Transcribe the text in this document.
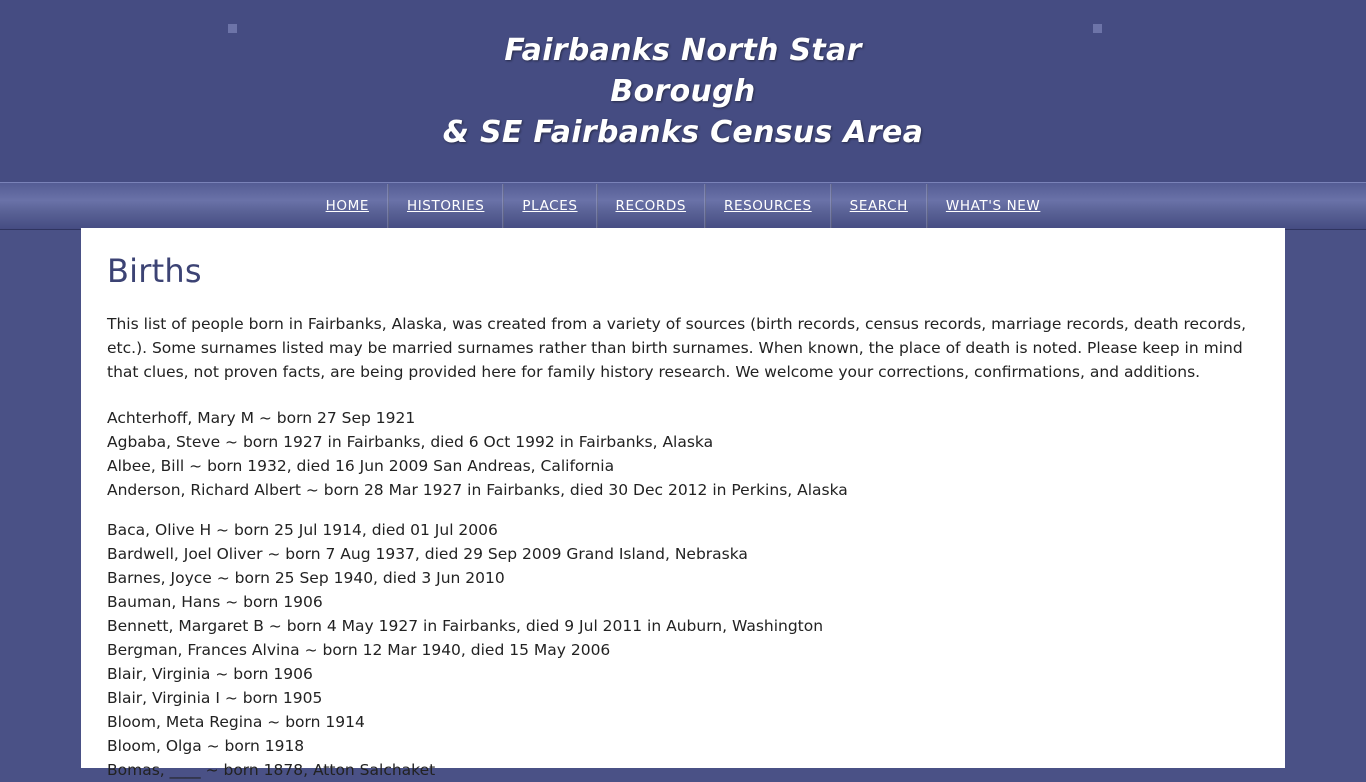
Fairbanks North Star
Borough
& SE Fairbanks Census Area
HOME	HISTORIES	PLACES	RECORDS	RESOURCES	SEARCH	WHAT'S NEW
Births

This list of people born in Fairbanks, Alaska, was created from a variety of sources (birth records, census records, marriage records, death records, etc.). Some surnames listed may be married surnames rather than birth surnames. When known, the place of death is noted. Please keep in mind that clues, not proven facts, are being provided here for family history research. We welcome your corrections, confirmations, and additions.

Achterhoff, Mary M ~ born 27 Sep 1921
Agbaba, Steve ~ born 1927 in Fairbanks, died 6 Oct 1992 in Fairbanks, Alaska
Albee, Bill ~ born 1932, died 16 Jun 2009 San Andreas, California
Anderson, Richard Albert ~ born 28 Mar 1927 in Fairbanks, died 30 Dec 2012 in Perkins, Alaska
Baca, Olive H ~ born 25 Jul 1914, died 01 Jul 2006
Bardwell, Joel Oliver ~ born 7 Aug 1937, died 29 Sep 2009 Grand Island, Nebraska
Barnes, Joyce ~ born 25 Sep 1940, died 3 Jun 2010
Bauman, Hans ~ born 1906
Bennett, Margaret B ~ born 4 May 1927 in Fairbanks, died 9 Jul 2011 in Auburn, Washington
Bergman, Frances Alvina ~ born 12 Mar 1940, died 15 May 2006
Blair, Virginia ~ born 1906
Blair, Virginia I ~ born 1905
Bloom, Meta Regina ~ born 1914
Bloom, Olga ~ born 1918
Bomas, ____ ~ born 1878, Atton Salchaket
